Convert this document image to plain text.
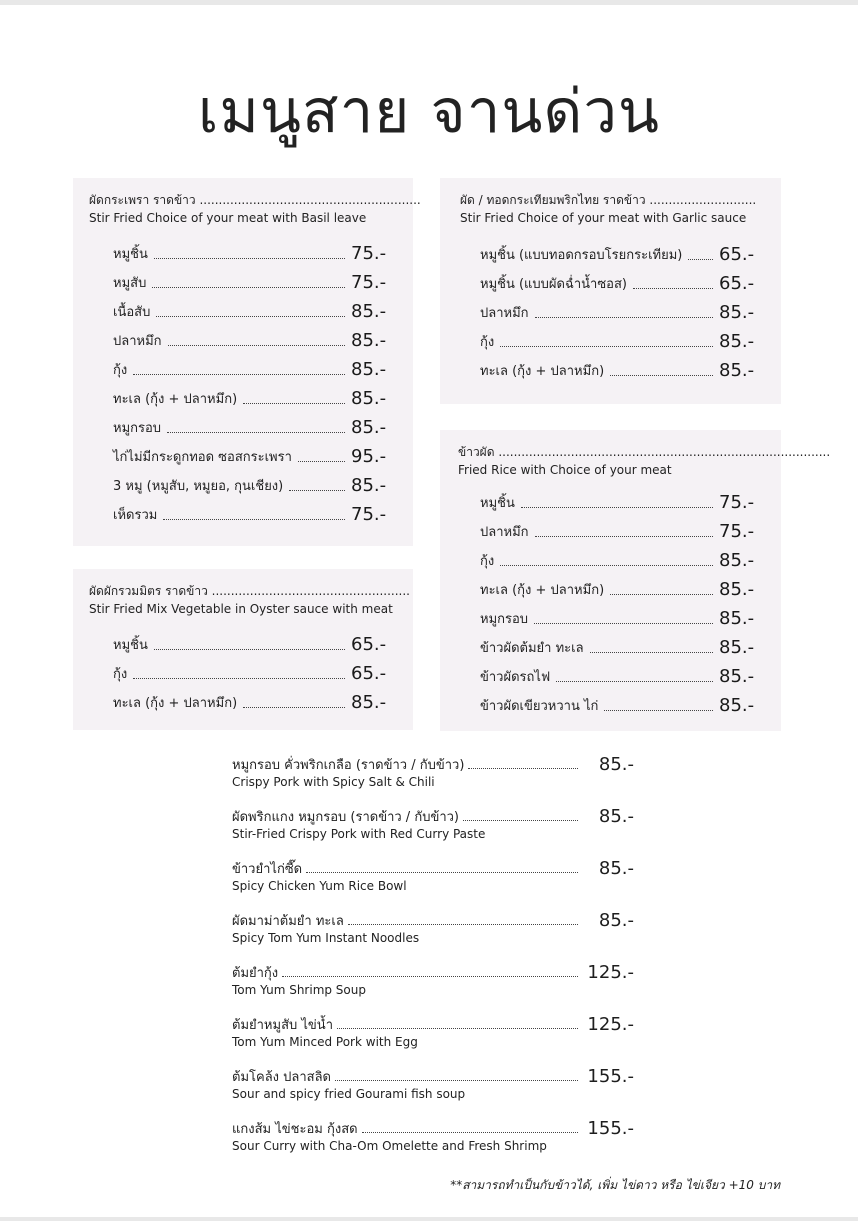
เมนูสาย จานด่วน
ผัดกระเพรา ราดข้าว ..........................................................
Stir Fried Choice of your meat with Basil leave
หมูชิ้น	75.-
หมูสับ	75.-
เนื้อสับ	85.-
ปลาหมึก	85.-
กุ้ง	85.-
ทะเล (กุ้ง + ปลาหมึก)	85.-
หมูกรอบ	85.-
ไก่ไม่มีกระดูกทอด ซอสกระเพรา	95.-
3 หมู (หมูสับ, หมูยอ, กุนเชียง)	85.-
เห็ดรวม	75.-
ผัดผักรวมมิตร ราดข้าว ....................................................
Stir Fried Mix Vegetable in Oyster sauce with meat
หมูชิ้น	65.-
กุ้ง	65.-
ทะเล (กุ้ง + ปลาหมึก)	85.-
ผัด / ทอดกระเทียมพริกไทย ราดข้าว ............................
Stir Fried Choice of your meat with Garlic sauce
หมูชิ้น (แบบทอดกรอบโรยกระเทียม) 65.-
หมูชิ้น (แบบผัดฉ่ำน้ำซอส)	65.-
ปลาหมึก	85.-
กุ้ง	85.-
ทะเล (กุ้ง + ปลาหมึก)	85.-
ข้าวผัด .......................................................................................
Fried Rice with Choice of your meat
หมูชิ้น	75.-
ปลาหมึก	75.-
กุ้ง	85.-
ทะเล (กุ้ง + ปลาหมึก)	85.-
หมูกรอบ	85.-
ข้าวผัดต้มยำ ทะเล	85.-
ข้าวผัดรถไฟ	85.-
ข้าวผัดเขียวหวาน ไก่	85.-
หมูกรอบ คั่วพริกเกลือ (ราดข้าว / กับข้าว)	85.-
Crispy Pork with Spicy Salt & Chili
ผัดพริกแกง หมูกรอบ (ราดข้าว / กับข้าว)	85.-
Stir-Fried Crispy Pork with Red Curry Paste
ข้าวยำไก่ซี๊ด	85.-
Spicy Chicken Yum Rice Bowl
ผัดมาม่าต้มยำ ทะเล	85.-
Spicy Tom Yum Instant Noodles
ต้มยำกุ้ง	125.-
Tom Yum Shrimp Soup
ต้มยำหมูสับ ไข่น้ำ	125.-
Tom Yum Minced Pork with Egg
ต้มโคล้ง ปลาสลิด	155.-
Sour and spicy fried Gourami fish soup
แกงส้ม ไข่ชะอม กุ้งสด	155.-
Sour Curry with Cha-Om Omelette and Fresh Shrimp
**สามารถทำเป็นกับข้าวได้, เพิ่ม ไข่ดาว หรือ ไข่เจียว +10 บาท
